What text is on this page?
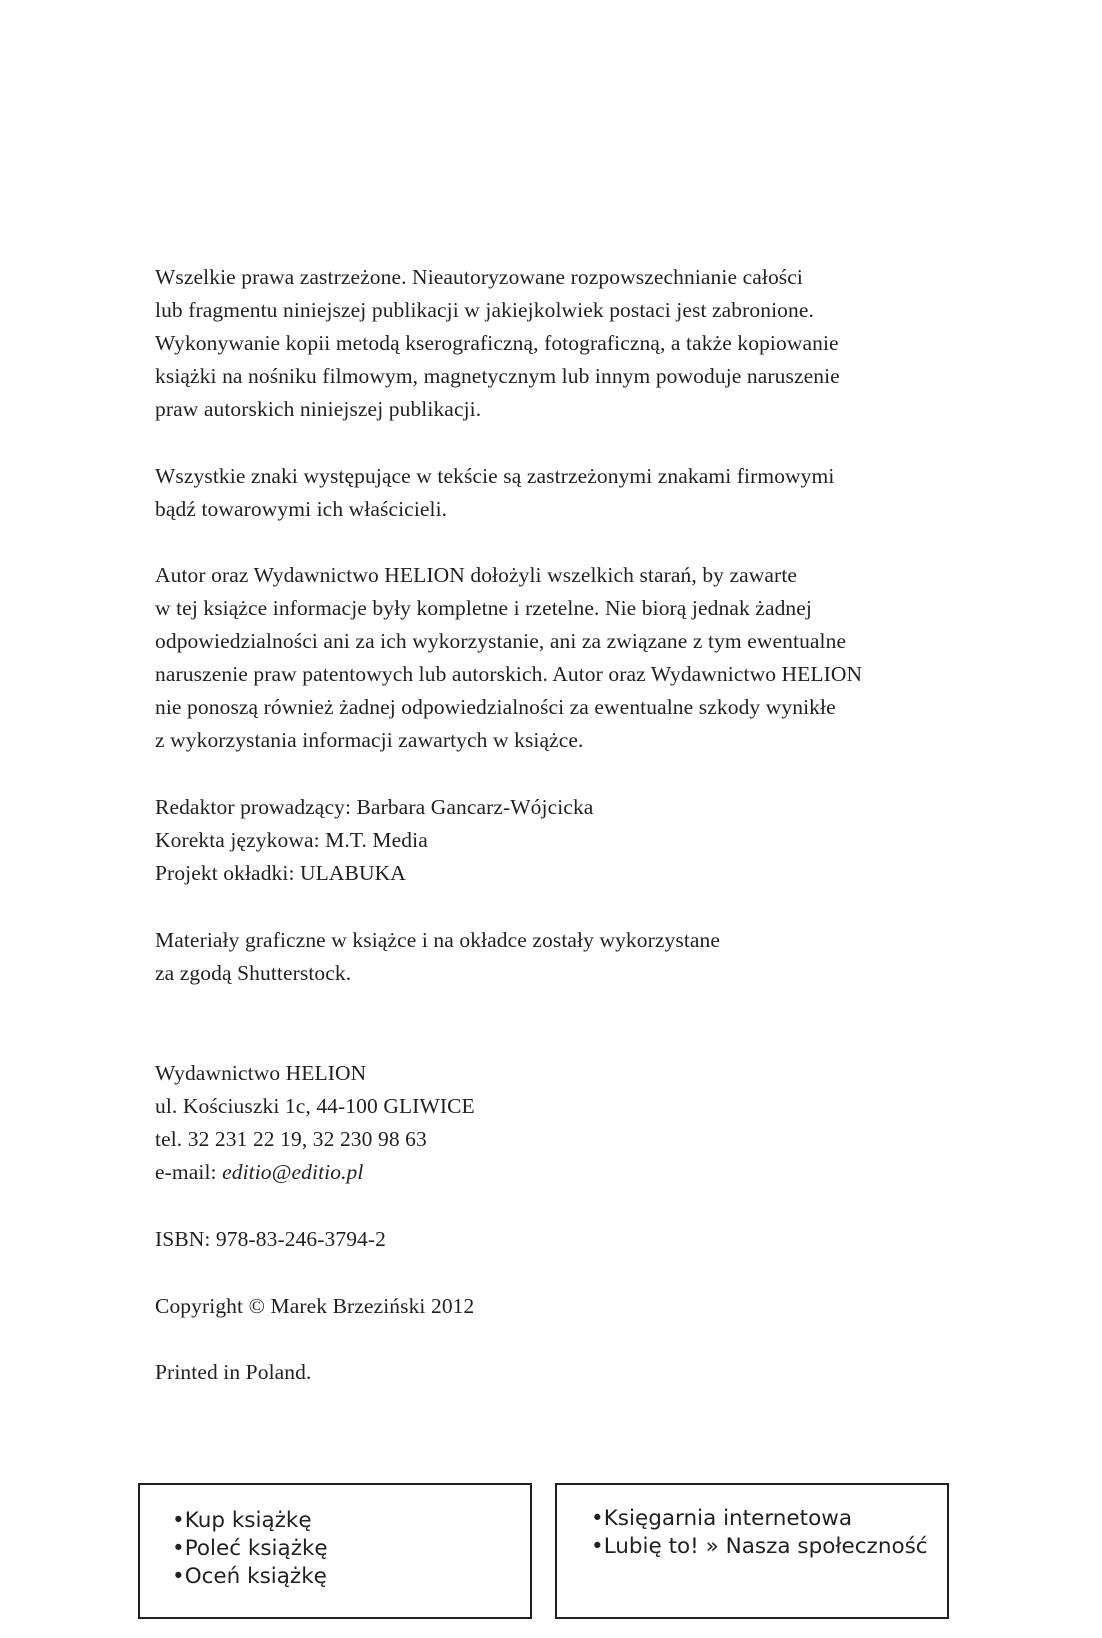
Wszelkie prawa zastrzeżone. Nieautoryzowane rozpowszechnianie całości

lub fragmentu niniejszej publikacji w jakiejkolwiek postaci jest zabronione.

Wykonywanie kopii metodą kserograficzną, fotograficzną, a także kopiowanie

książki na nośniku filmowym, magnetycznym lub innym powoduje naruszenie

praw autorskich niniejszej publikacji.

Wszystkie znaki występujące w tekście są zastrzeżonymi znakami firmowymi

bądź towarowymi ich właścicieli.

Autor oraz Wydawnictwo HELION dołożyli wszelkich starań, by zawarte

w tej książce informacje były kompletne i rzetelne. Nie biorą jednak żadnej

odpowiedzialności ani za ich wykorzystanie, ani za związane z tym ewentualne

naruszenie praw patentowych lub autorskich. Autor oraz Wydawnictwo HELION

nie ponoszą również żadnej odpowiedzialności za ewentualne szkody wynikłe

z wykorzystania informacji zawartych w książce.

Redaktor prowadzący: Barbara Gancarz-Wójcicka

Korekta językowa: M.T. Media

Projekt okładki: ULABUKA

Materiały graficzne w książce i na okładce zostały wykorzystane

za zgodą Shutterstock.

Wydawnictwo HELION

ul. Kościuszki 1c, 44-100 GLIWICE

tel. 32 231 22 19, 32 230 98 63

e-mail: editio@editio.pl

ISBN: 978-83-246-3794-2

Copyright © Marek Brzeziński 2012

Printed in Poland.

• Kup książkę
• Poleć książkę
• Oceń książkę
• Księgarnia internetowa
• Lubię to! » Nasza społeczność
